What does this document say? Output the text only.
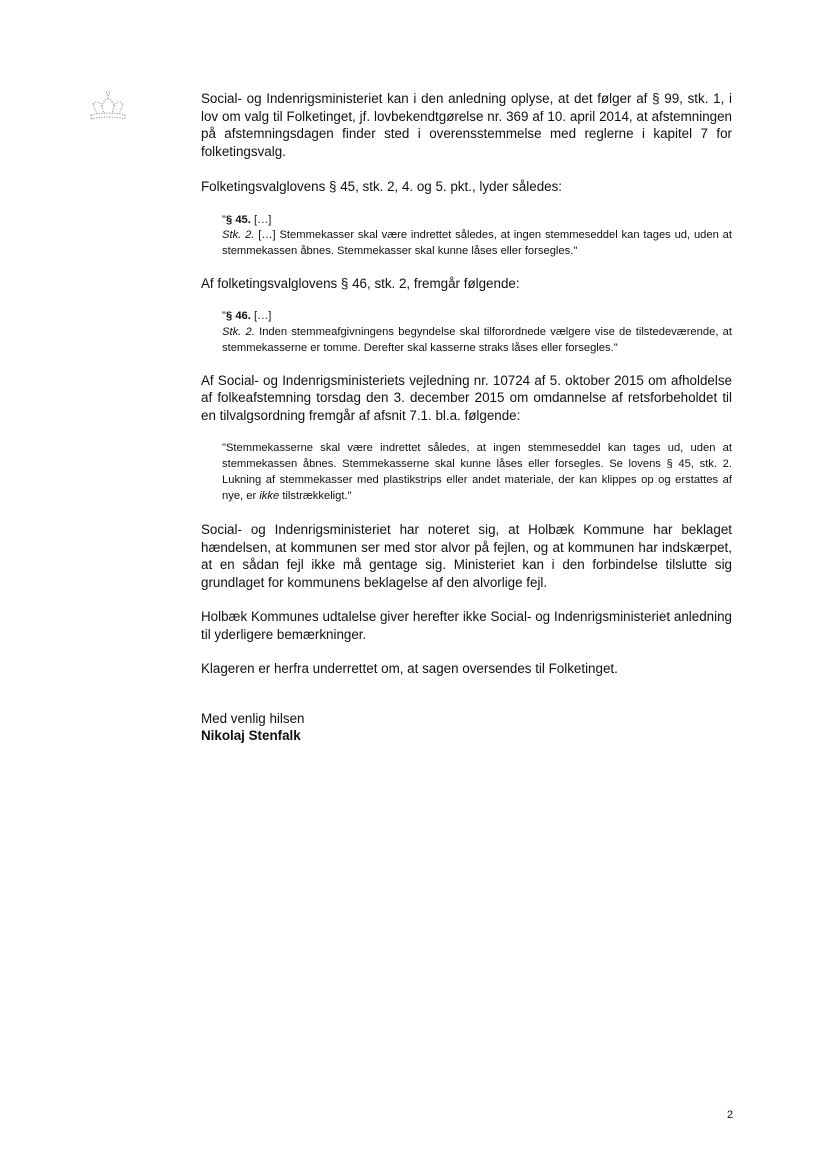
Social- og Indenrigsministeriet kan i den anledning oplyse, at det følger af § 99, stk. 1, i lov om valg til Folketinget, jf. lovbekendtgørelse nr. 369 af 10. april 2014, at afstemningen på afstemningsdagen finder sted i overensstemmelse med reglerne i kapitel 7 for folketingsvalg.

Folketingsvalglovens § 45, stk. 2, 4. og 5. pkt., lyder således:

"§ 45. […]
Stk. 2. […] Stemmekasser skal være indrettet således, at ingen stemmeseddel kan tages ud, uden at stemmekassen åbnes. Stemmekasser skal kunne låses eller forsegles."

Af folketingsvalglovens § 46, stk. 2, fremgår følgende:

"§ 46. […]
Stk. 2. Inden stemmeafgivningens begyndelse skal tilforordnede vælgere vise de tilstedeværende, at stemmekasserne er tomme. Derefter skal kasserne straks låses eller forsegles."

Af Social- og Indenrigsministeriets vejledning nr. 10724 af 5. oktober 2015 om afholdelse af folkeafstemning torsdag den 3. december 2015 om omdannelse af retsforbeholdet til en tilvalgsordning fremgår af afsnit 7.1. bl.a. følgende:

"Stemmekasserne skal være indrettet således, at ingen stemmeseddel kan tages ud, uden at stemmekassen åbnes. Stemmekasserne skal kunne låses eller forsegles. Se lovens § 45, stk. 2. Lukning af stemmekasser med plastikstrips eller andet materiale, der kan klippes op og erstattes af nye, er ikke tilstrækkeligt."

Social- og Indenrigsministeriet har noteret sig, at Holbæk Kommune har beklaget hændelsen, at kommunen ser med stor alvor på fejlen, og at kommunen har indskærpet, at en sådan fejl ikke må gentage sig. Ministeriet kan i den forbindelse tilslutte sig grundlaget for kommunens beklagelse af den alvorlige fejl.

Holbæk Kommunes udtalelse giver herefter ikke Social- og Indenrigsministeriet anledning til yderligere bemærkninger.

Klageren er herfra underrettet om, at sagen oversendes til Folketinget.

Med venlig hilsen
Nikolaj Stenfalk
2
